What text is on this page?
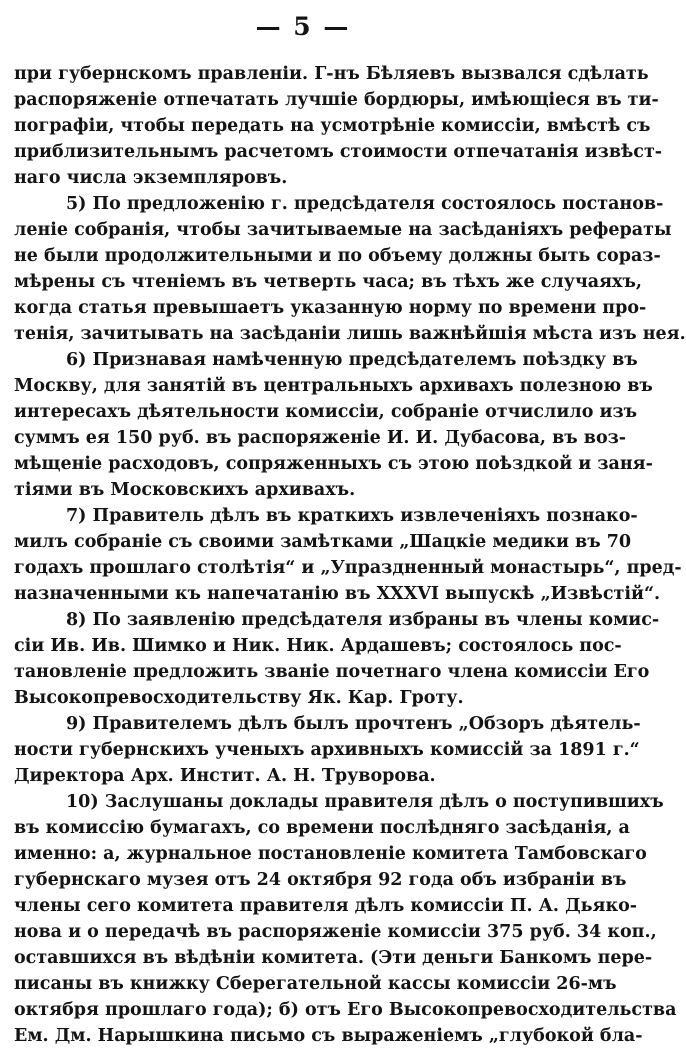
— 5 —
при губернскомъ правленіи. Г-нъ Бѣляевъ вызвался сдѣлать
распоряженіе отпечатать лучшіе бордюры, имѣющіеся въ ти-
пографіи, чтобы передать на усмотрѣніе комиссіи, вмѣстѣ съ
приблизительнымъ расчетомъ стоимости отпечатанія извѣст-
наго числа экземпляровъ.
5) По предложенію г. предсѣдателя состоялось постанов-
леніе собранія, чтобы зачитываемые на засѣданіяхъ рефераты
не были продолжительными и по объему должны быть сораз-
мѣрены съ чтеніемъ въ четверть часа; въ тѣхъ же случаяхъ,
когда статья превышаетъ указанную норму по времени про-
тенія, зачитывать на засѣданіи лишь важнѣйшія мѣста изъ нея.
6) Признавая намѣченную предсѣдателемъ поѣздку въ
Москву, для занятій въ центральныхъ архивахъ полезною въ
интересахъ дѣятельности комиссіи, собраніе отчислило изъ
суммъ ея 150 руб. въ распоряженіе И. И. Дубасова, въ воз-
мѣщеніе расходовъ, сопряженныхъ съ этою поѣздкой и заня-
тіями въ Московскихъ архивахъ.
7) Правитель дѣлъ въ краткихъ извлеченіяхъ познако-
милъ собраніе съ своими замѣтками „Шацкіе медики въ 70
годахъ прошлаго столѣтія“ и „Упраздненный монастырь“, пред-
назначенными къ напечатанію въ XXXVI выпускѣ „Извѣстій“.
8) По заявленію предсѣдателя избраны въ члены комис-
сіи Ив. Ив. Шимко и Ник. Ник. Ардашевъ; состоялось пос-
тановленіе предложить званіе почетнаго члена комиссіи Его
Высокопревосходительству Як. Кар. Гроту.
9) Правителемъ дѣлъ былъ прочтенъ „Обзоръ дѣятель-
ности губернскихъ ученыхъ архивныхъ комиссій за 1891 г.“
Директора Арх. Инстит. А. Н. Труворова.
10) Заслушаны доклады правителя дѣлъ о поступившихъ
въ комиссію бумагахъ, со времени послѣдняго засѣданія, а
именно: а, журнальное постановленіе комитета Тамбовскаго
губернскаго музея отъ 24 октября 92 года объ избраніи въ
члены сего комитета правителя дѣлъ комиссіи П. А. Дьяко-
нова и о передачѣ въ распоряженіе комиссіи 375 руб. 34 коп.,
оставшихся въ вѣдѣніи комитета. (Эти деньги Банкомъ пере-
писаны въ книжку Сберегательной кассы комиссіи 26-мъ
октября прошлаго года); б) отъ Его Высокопревосходительства
Ем. Дм. Нарышкина письмо съ выраженіемъ „глубокой бла-
